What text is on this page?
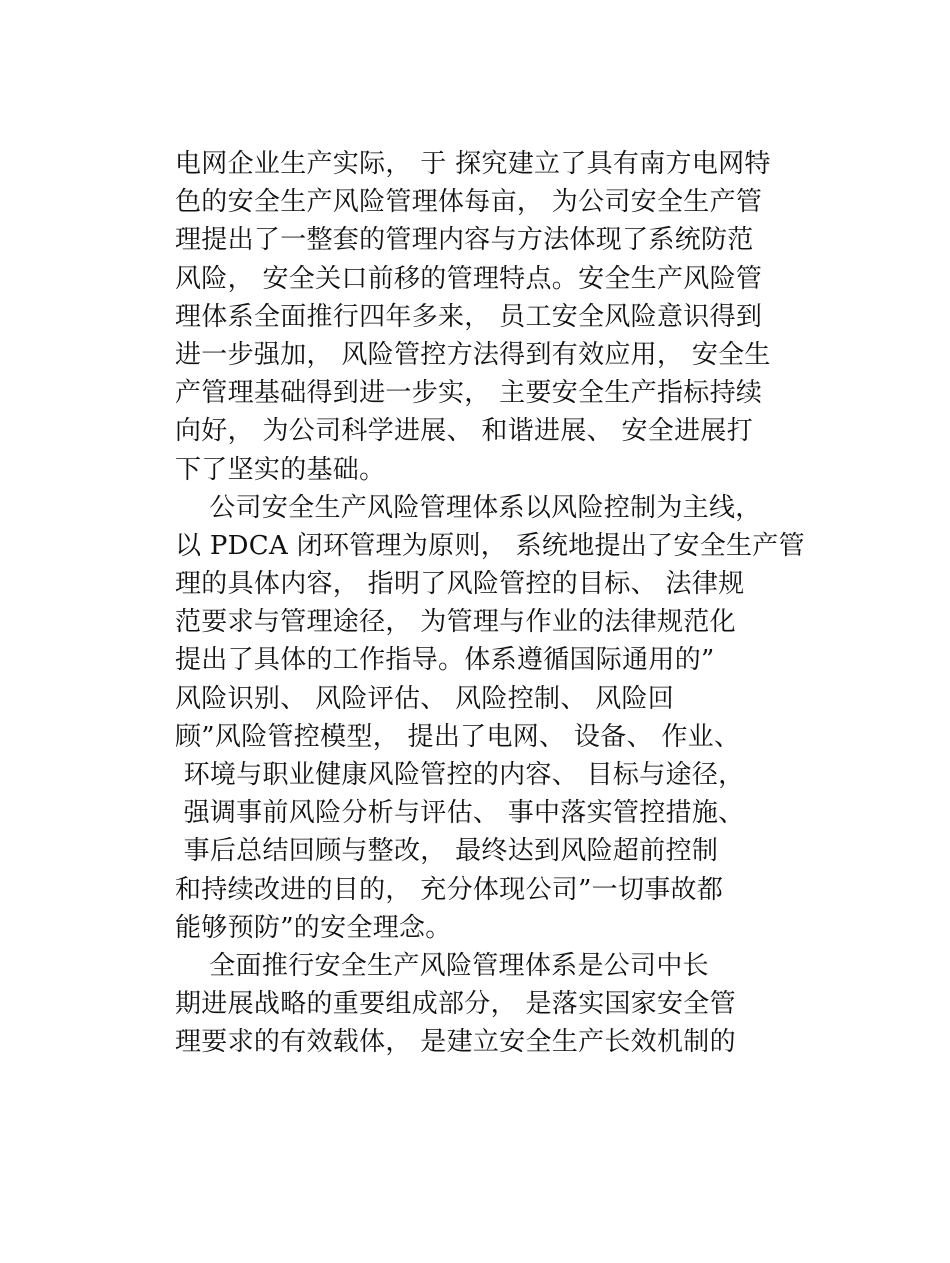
电网企业生产实际， 于 探究建立了具有南方电网特
色的安全生产风险管理体每亩， 为公司安全生产管
理提出了一整套的管理内容与方法体现了系统防范
风险， 安全关口前移的管理特点。安全生产风险管
理体系全面推行四年多来， 员工安全风险意识得到
进一步强加， 风险管控方法得到有效应用， 安全生
产管理基础得到进一步实， 主要安全生产指标持续
向好， 为公司科学进展、 和谐进展、 安全进展打
下了坚实的基础。
公司安全生产风险管理体系以风险控制为主线，
以 PDCA 闭环管理为原则， 系统地提出了安全生产管
理的具体内容， 指明了风险管控的目标、 法律规
范要求与管理途径， 为管理与作业的法律规范化
提出了具体的工作指导。体系遵循国际通用的”
风险识别、 风险评估、 风险控制、 风险回
顾”风险管控模型， 提出了电网、 设备、 作业、
环境与职业健康风险管控的内容、 目标与途径，
强调事前风险分析与评估、 事中落实管控措施、
事后总结回顾与整改， 最终达到风险超前控制
和持续改进的目的， 充分体现公司”一切事故都
能够预防”的安全理念。
全面推行安全生产风险管理体系是公司中长
期进展战略的重要组成部分， 是落实国家安全管
理要求的有效载体， 是建立安全生产长效机制的
